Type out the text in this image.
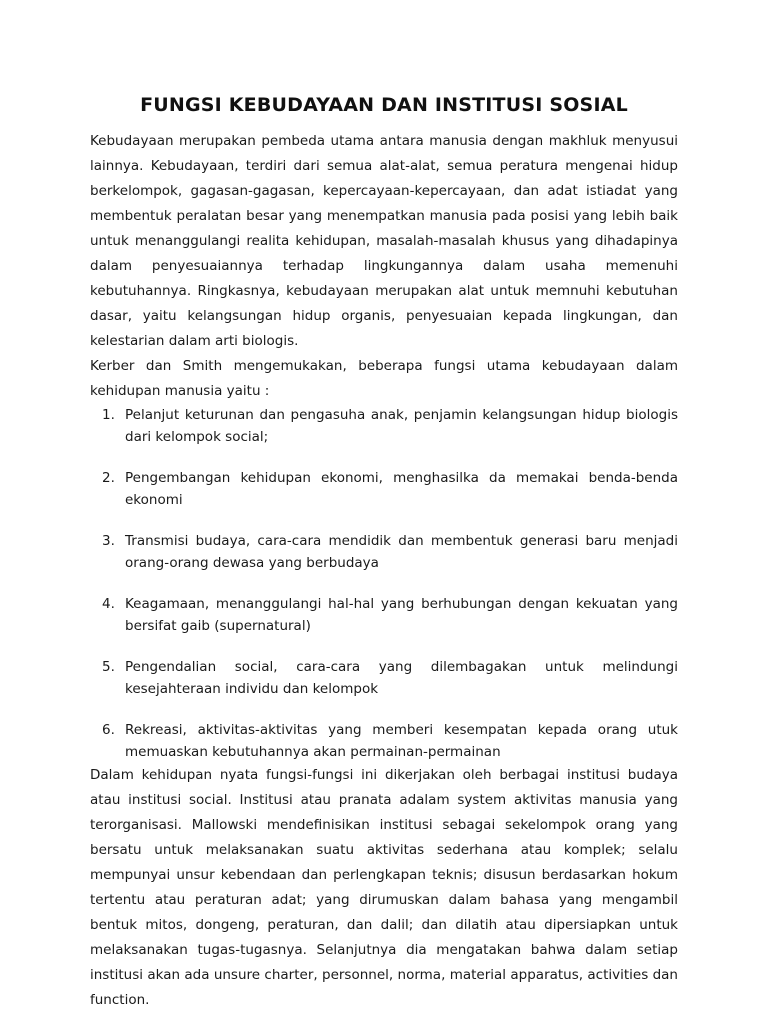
FUNGSI KEBUDAYAAN DAN INSTITUSI SOSIAL

Kebudayaan merupakan pembeda utama antara manusia dengan makhluk menyusui lainnya. Kebudayaan, terdiri dari semua alat-alat, semua peratura mengenai hidup berkelompok, gagasan-gagasan, kepercayaan-kepercayaan, dan adat istiadat yang membentuk peralatan besar yang menempatkan manusia pada posisi yang lebih baik untuk menanggulangi realita kehidupan, masalah-masalah khusus yang dihadapinya dalam penyesuaiannya terhadap lingkungannya dalam usaha memenuhi kebutuhannya. Ringkasnya, kebudayaan merupakan alat untuk memnuhi kebutuhan dasar, yaitu kelangsungan hidup organis, penyesuaian kepada lingkungan, dan kelestarian dalam arti biologis.

Kerber dan Smith mengemukakan, beberapa fungsi utama kebudayaan dalam kehidupan manusia yaitu :

1. Pelanjut keturunan dan pengasuha anak, penjamin kelangsungan hidup biologis dari kelompok social;
2. Pengembangan kehidupan ekonomi, menghasilka da memakai benda-benda ekonomi
3. Transmisi budaya, cara-cara mendidik dan membentuk generasi baru menjadi orang-orang dewasa yang berbudaya
4. Keagamaan, menanggulangi hal-hal yang berhubungan dengan kekuatan yang bersifat gaib (supernatural)
5. Pengendalian social, cara-cara yang dilembagakan untuk melindungi kesejahteraan individu dan kelompok
6. Rekreasi, aktivitas-aktivitas yang memberi kesempatan kepada orang utuk memuaskan kebutuhannya akan permainan-permainan

Dalam kehidupan nyata fungsi-fungsi ini dikerjakan oleh berbagai institusi budaya atau institusi social. Institusi atau pranata adalam system aktivitas manusia yang terorganisasi. Mallowski mendefinisikan institusi sebagai sekelompok orang yang bersatu untuk melaksanakan suatu aktivitas sederhana atau komplek; selalu mempunyai unsur kebendaan dan perlengkapan teknis; disusun berdasarkan hokum tertentu atau peraturan adat; yang dirumuskan dalam bahasa yang mengambil bentuk mitos, dongeng, peraturan, dan dalil; dan dilatih atau dipersiapkan untuk melaksanakan tugas-tugasnya. Selanjutnya dia mengatakan bahwa dalam setiap institusi akan ada unsure charter, personnel, norma, material apparatus, activities dan function.
